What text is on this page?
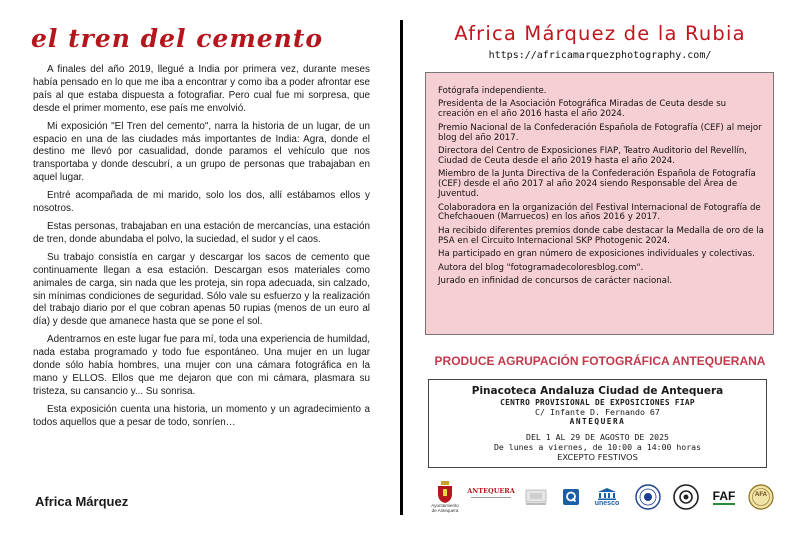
el tren del cemento

A finales del año 2019, llegué a India por primera vez, durante meses había pensado en lo que me iba a encontrar y como iba a poder afrontar ese país al que estaba dispuesta a fotografiar. Pero cual fue mi sorpresa, que desde el primer momento, ese país me envolvió.

Mi exposición "El Tren del cemento", narra la historia de un lugar, de un espacio en una de las ciudades más importantes de India: Agra, donde el destino me llevó por casualidad, donde paramos el vehículo que nos transportaba y donde descubrí, a un grupo de personas que trabajaban en aquel lugar.

Entré acompañada de mi marido, solo los dos, allí estábamos ellos y nosotros.

Estas personas, trabajaban en una estación de mercancías, una estación de tren, donde abundaba el polvo, la suciedad, el sudor y el caos.

Su trabajo consistía en cargar y descargar los sacos de cemento que continuamente llegan a esa estación. Descargan esos materiales como animales de carga, sin nada que les proteja, sin ropa adecuada, sin calzado, sin mínimas condiciones de seguridad. Sólo vale su esfuerzo y la realización del trabajo diario por el que cobran apenas 50 rupias (menos de un euro al día) y desde que amanece hasta que se pone el sol.

Adentrarnos en este lugar fue para mí, toda una experiencia de humildad, nada estaba programado y todo fue espontáneo. Una mujer en un lugar donde sólo había hombres, una mujer con una cámara fotográfica en la mano y ELLOS. Ellos que me dejaron que con mi cámara, plasmara su tristeza, su cansancio y... Su sonrisa.

Esta exposición cuenta una historia, un momento y un agradecimiento a todos aquellos que a pesar de todo, sonríen…

Africa Márquez
Africa Márquez de la Rubia
https://africamarquezphotography.com/
Fotógrafa independiente.
Presidenta de la Asociación Fotográfica Miradas de Ceuta desde su creación en el año 2016 hasta el año 2024.
Premio Nacional de la Confederación Española de Fotografía (CEF) al mejor blog del año 2017.
Directora del Centro de Exposiciones FIAP, Teatro Auditorio del Revellín, Ciudad de Ceuta desde el año 2019 hasta el año 2024.
Miembro de la Junta Directiva de la Confederación Española de Fotografía (CEF) desde el año 2017 al año 2024 siendo Responsable del Área de Juventud.
Colaboradora en la organización del Festival Internacional de Fotografía de Chefchaouen (Marruecos) en los años 2016 y 2017.
Ha recibido diferentes premios donde cabe destacar la Medalla de oro de la PSA en el Circuito Internacional SKP Photogenic 2024.
Ha participado en gran número de exposiciones individuales y colectivas.
Autora del blog "fotogramadecoloresblog.com".
Jurado en infinidad de concursos de carácter nacional.
PRODUCE AGRUPACIÓN FOTOGRÁFICA ANTEQUERANA
Pinacoteca Andaluza Ciudad de Antequera
CENTRO PROVISIONAL DE EXPOSICIONES FIAP
C/ Infante D. Fernando 67
ANTEQUERA
DEL 1 AL 29 DE AGOSTO DE 2025
De lunes a viernes, de 10:00 a 14:00 horas
EXCEPTO FESTIVOS
Ayuntamiento de Antequera
ANTEQUERA
unesco	FAF	AFA
